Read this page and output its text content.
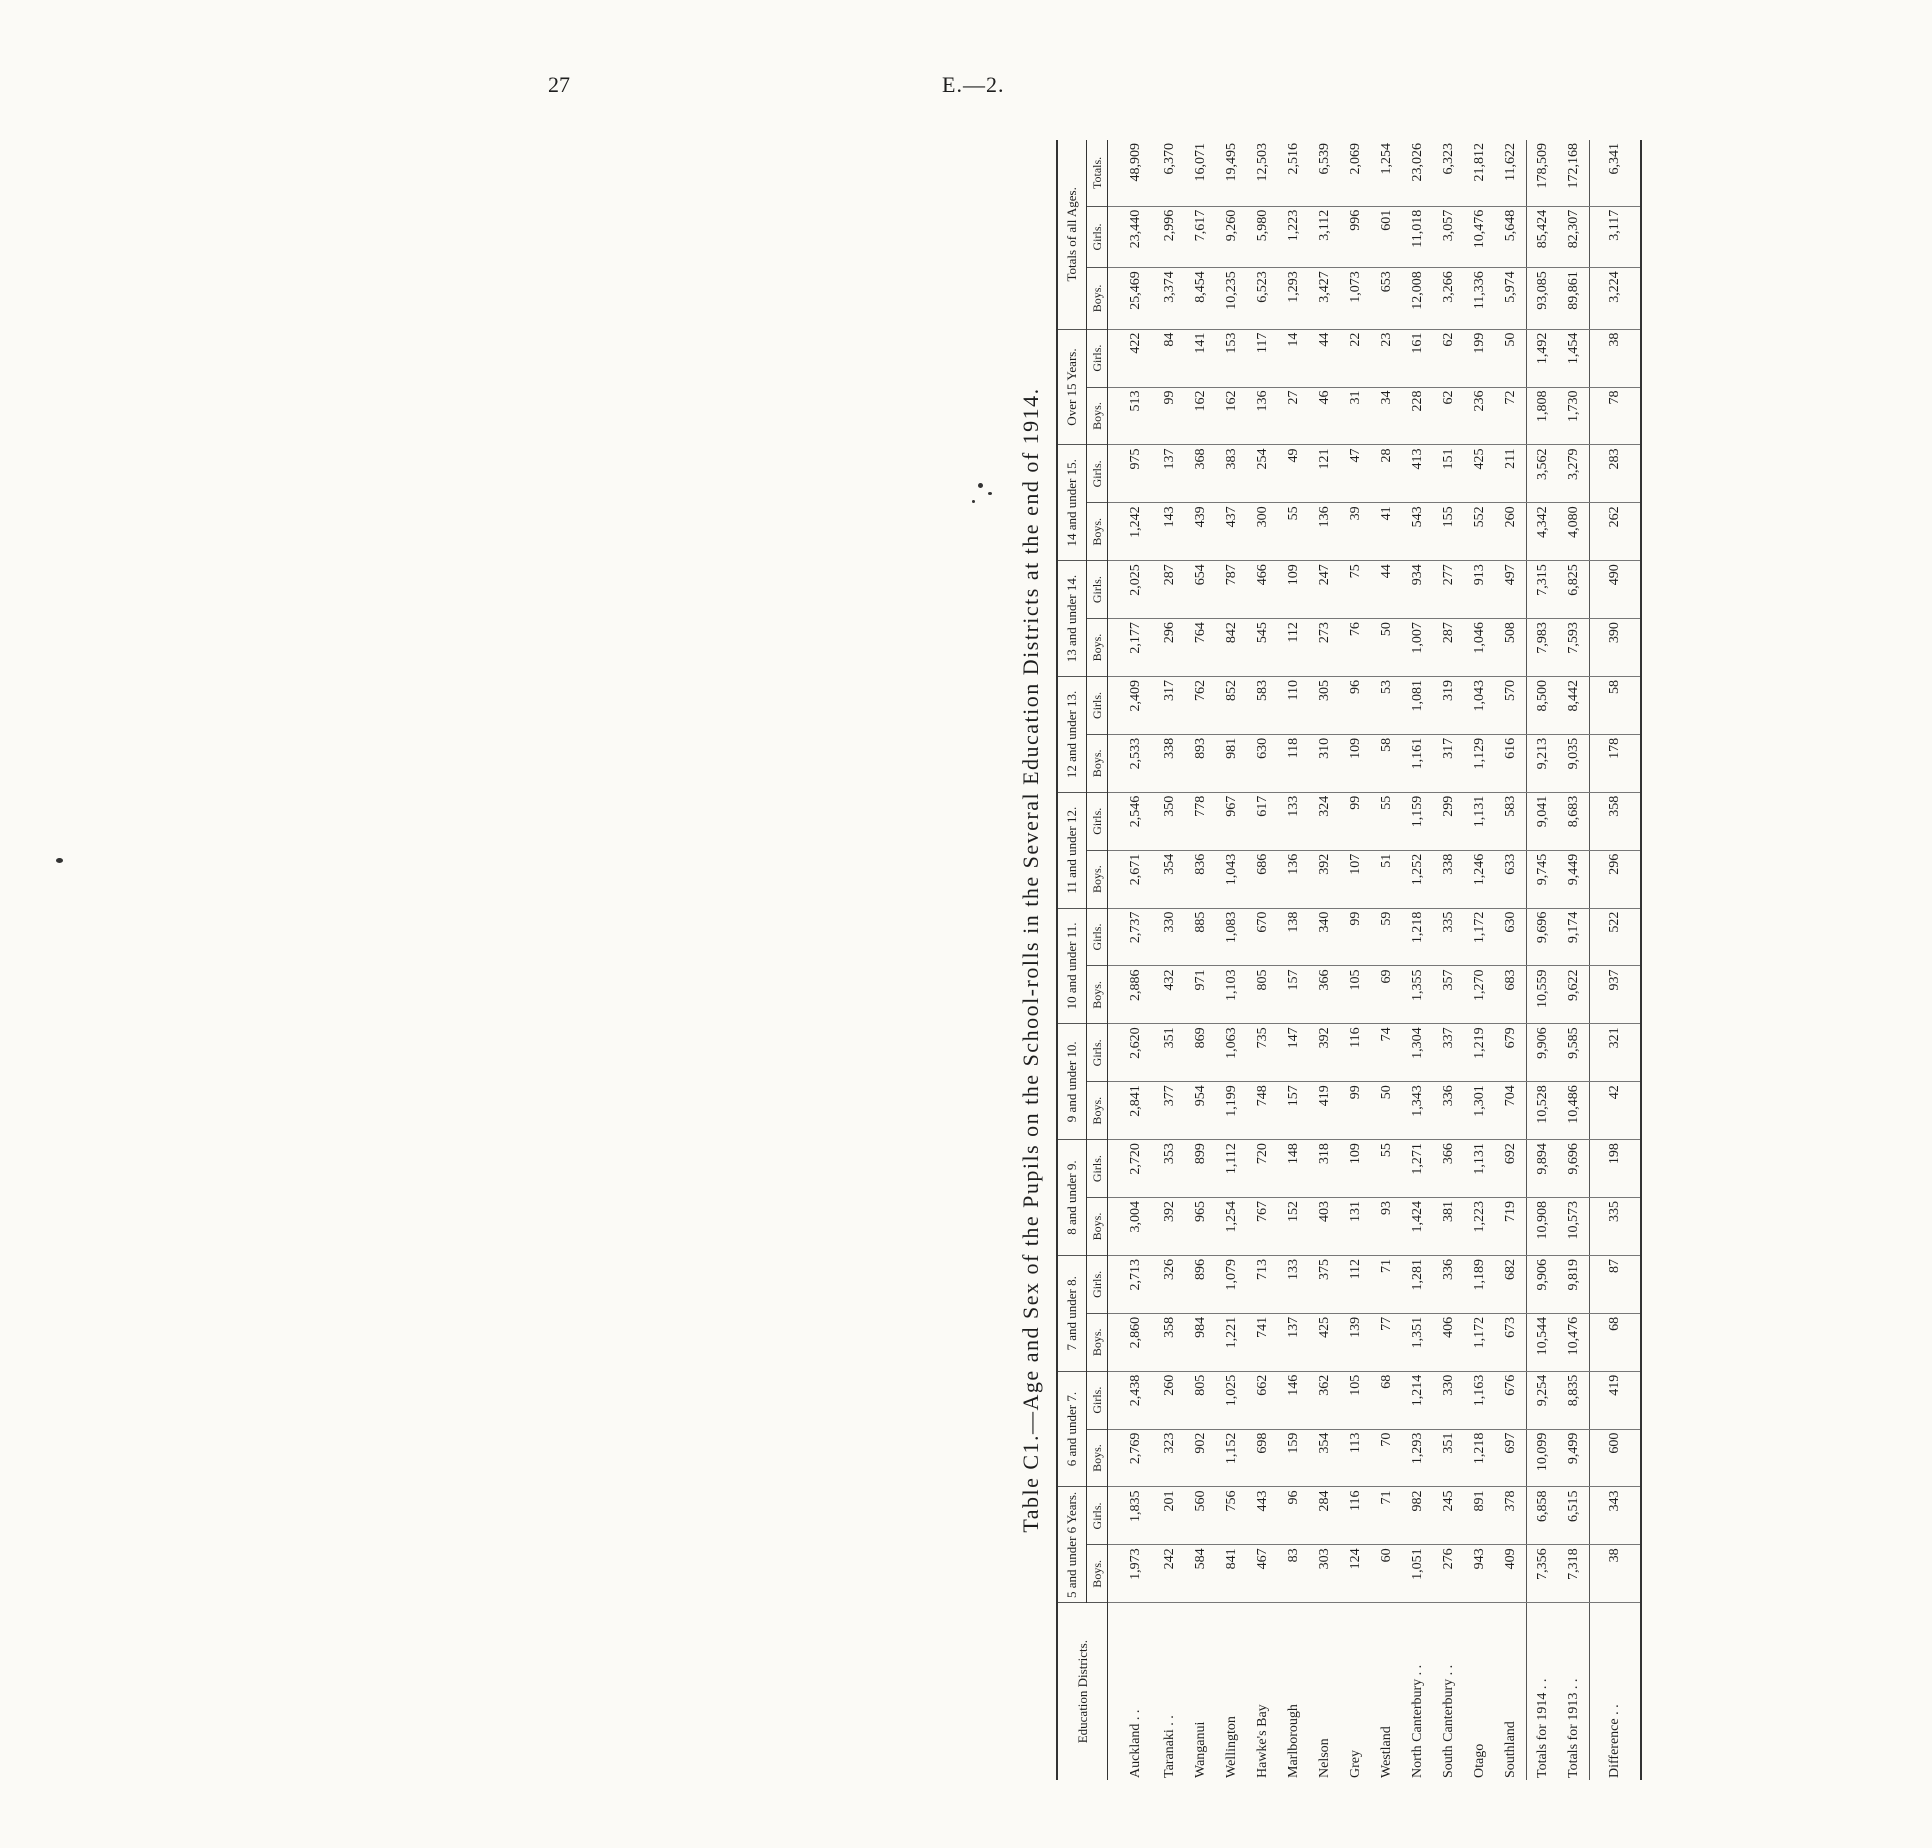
27	E.—2.
Table C1.—Age and Sex of the Pupils on the School-rolls in the Several Education Districts at the end of 1914.
Education Districts.	5 and under 6 Years.		6 and under 7.		7 and under 8.		8 and under 9.		9 and under 10.		10 and under 11.		11 and under 12.		12 and under 13.		13 and under 14.		14 and under 15.		Over 15 Years.		Totals of all Ages.		
	Boys.	Girls.	Boys.	Girls.	Boys.	Girls.	Boys.	Girls.	Boys.	Girls.	Boys.	Girls.	Boys.	Girls.	Boys.	Girls.	Boys.	Girls.	Boys.	Girls.	Boys.	Girls.	Boys.	Girls.	Totals.
Auckland . .	1,973	1,835	2,769	2,438	2,860	2,713	3,004	2,720	2,841	2,620	2,886	2,737	2,671	2,546	2,533	2,409	2,177	2,025	1,242	975	513	422	25,469	23,440	48,909
Taranaki . .	242	201	323	260	358	326	392	353	377	351	432	330	354	350	338	317	296	287	143	137	99	84	3,374	2,996	6,370
Wanganui	584	560	902	805	984	896	965	899	954	869	971	885	836	778	893	762	764	654	439	368	162	141	8,454	7,617	16,071
Wellington	841	756	1,152	1,025	1,221	1,079	1,254	1,112	1,199	1,063	1,103	1,083	1,043	967	981	852	842	787	437	383	162	153	10,235	9,260	19,495
Hawke's Bay	467	443	698	662	741	713	767	720	748	735	805	670	686	617	630	583	545	466	300	254	136	117	6,523	5,980	12,503
Marlborough	83	96	159	146	137	133	152	148	157	147	157	138	136	133	118	110	112	109	55	49	27	14	1,293	1,223	2,516
Nelson	303	284	354	362	425	375	403	318	419	392	366	340	392	324	310	305	273	247	136	121	46	44	3,427	3,112	6,539
Grey	124	116	113	105	139	112	131	109	99	116	105	99	107	99	109	96	76	75	39	47	31	22	1,073	996	2,069
Westland	60	71	70	68	77	71	93	55	50	74	69	59	51	55	58	53	50	44	41	28	34	23	653	601	1,254
North Canterbury . .	1,051	982	1,293	1,214	1,351	1,281	1,424	1,271	1,343	1,304	1,355	1,218	1,252	1,159	1,161	1,081	1,007	934	543	413	228	161	12,008	11,018	23,026
South Canterbury . .	276	245	351	330	406	336	381	366	336	337	357	335	338	299	317	319	287	277	155	151	62	62	3,266	3,057	6,323
Otago	943	891	1,218	1,163	1,172	1,189	1,223	1,131	1,301	1,219	1,270	1,172	1,246	1,131	1,129	1,043	1,046	913	552	425	236	199	11,336	10,476	21,812
Southland	409	378	697	676	673	682	719	692	704	679	683	630	633	583	616	570	508	497	260	211	72	50	5,974	5,648	11,622
Totals for 1914 . .	7,356	6,858	10,099	9,254	10,544	9,906	10,908	9,894	10,528	9,906	10,559	9,696	9,745	9,041	9,213	8,500	7,983	7,315	4,342	3,562	1,808	1,492	93,085	85,424	178,509
Totals for 1913 . .	7,318	6,515	9,499	8,835	10,476	9,819	10,573	9,696	10,486	9,585	9,622	9,174	9,449	8,683	9,035	8,442	7,593	6,825	4,080	3,279	1,730	1,454	89,861	82,307	172,168
Difference . .	38	343	600	419	68	87	335	198	42	321	937	522	296	358	178	58	390	490	262	283	78	38	3,224	3,117	6,341
